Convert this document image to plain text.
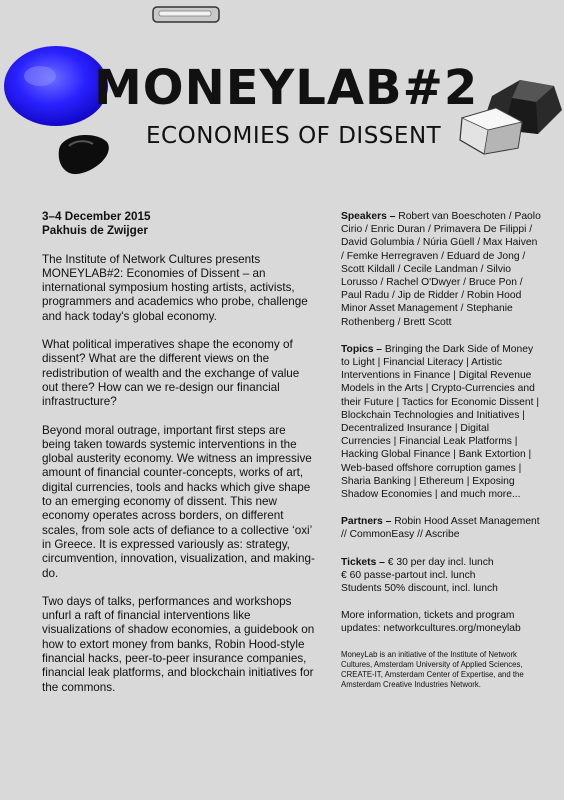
MONEYLAB#2
ECONOMIES OF DISSENT

3–4 December 2015
Pakhuis de Zwijger

The Institute of Network Cultures presents MONEYLAB#2: Economies of Dissent – an international symposium hosting artists, activists, programmers and academics who probe, challenge and hack today's global economy.

What political imperatives shape the economy of dissent? What are the different views on the redistribution of wealth and the exchange of value out there? How can we re-design our financial infrastructure?

Beyond moral outrage, important first steps are being taken towards systemic interventions in the global austerity economy. We witness an impressive amount of financial counter-concepts, works of art, digital currencies, tools and hacks which give shape to an emerging economy of dissent. This new economy operates across borders, on different scales, from sole acts of defiance to a collective ‘oxi’ in Greece. It is expressed variously as: strategy, circumvention, innovation, visualization, and making-do.

Two days of talks, performances and workshops unfurl a raft of financial interventions like visualizations of shadow economies, a guidebook on how to extort money from banks, Robin Hood-style financial hacks, peer-to-peer insurance companies, financial leak platforms, and blockchain initiatives for the commons.

Speakers – Robert van Boeschoten / Paolo Cirio / Enric Duran / Primavera De Filippi / David Golumbia / Núria Güell / Max Haiven / Femke Herregraven / Eduard de Jong / Scott Kildall / Cecile Landman / Silvio Lorusso / Rachel O'Dwyer / Bruce Pon / Paul Radu / Jip de Ridder / Robin Hood Minor Asset Management / Stephanie Rothenberg / Brett Scott

Topics – Bringing the Dark Side of Money to Light | Financial Literacy | Artistic Interventions in Finance | Digital Revenue Models in the Arts | Crypto-Currencies and their Future | Tactics for Economic Dissent | Blockchain Technologies and Initiatives | Decentralized Insurance | Digital Currencies | Financial Leak Platforms | Hacking Global Finance | Bank Extortion | Web-based offshore corruption games | Sharia Banking | Ethereum | Exposing Shadow Economies | and much more...

Partners – Robin Hood Asset Management // CommonEasy // Ascribe

Tickets – € 30 per day incl. lunch
€ 60 passe-partout incl. lunch
Students 50% discount, incl. lunch

More information, tickets and program updates: networkcultures.org/moneylab

MoneyLab is an initiative of the Institute of Network Cultures, Amsterdam University of Applied Sciences, CREATE-IT, Amsterdam Center of Expertise, and the Amsterdam Creative Industries Network.
